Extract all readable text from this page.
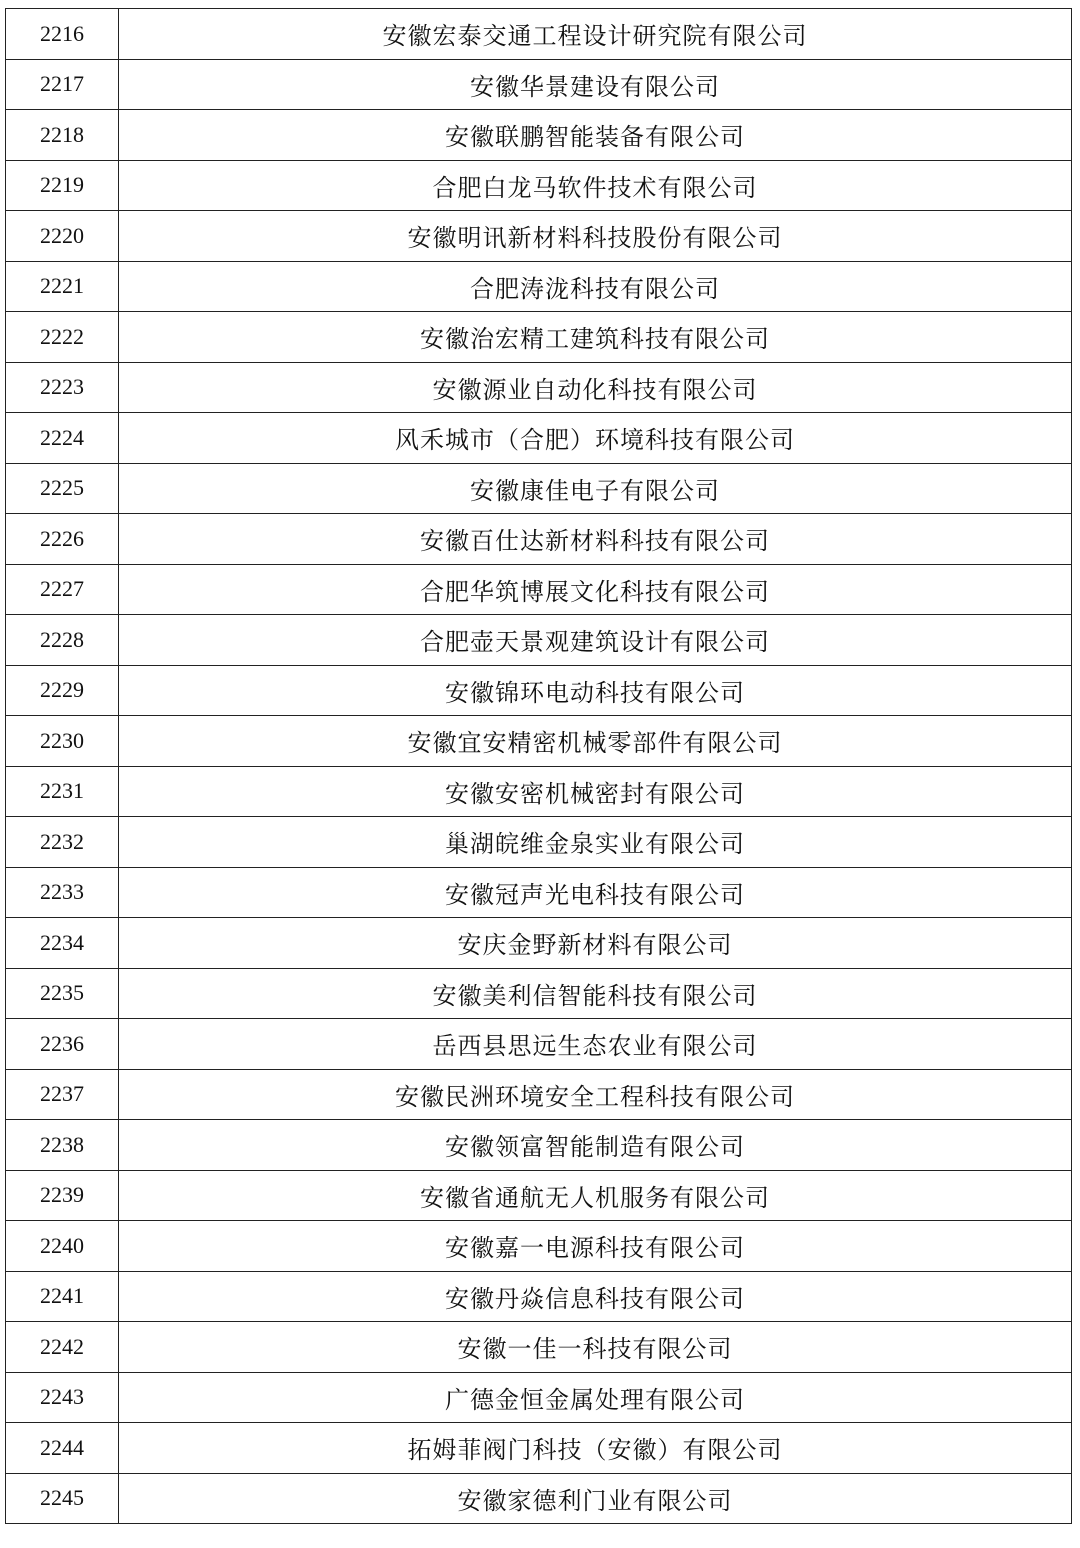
2216	安徽宏泰交通工程设计研究院有限公司
2217	安徽华景建设有限公司
2218	安徽联鹏智能装备有限公司
2219	合肥白龙马软件技术有限公司
2220	安徽明讯新材料科技股份有限公司
2221	合肥涛泷科技有限公司
2222	安徽治宏精工建筑科技有限公司
2223	安徽源业自动化科技有限公司
2224	风禾城市（合肥）环境科技有限公司
2225	安徽康佳电子有限公司
2226	安徽百仕达新材料科技有限公司
2227	合肥华筑博展文化科技有限公司
2228	合肥壶天景观建筑设计有限公司
2229	安徽锦环电动科技有限公司
2230	安徽宜安精密机械零部件有限公司
2231	安徽安密机械密封有限公司
2232	巢湖皖维金泉实业有限公司
2233	安徽冠声光电科技有限公司
2234	安庆金野新材料有限公司
2235	安徽美利信智能科技有限公司
2236	岳西县思远生态农业有限公司
2237	安徽民洲环境安全工程科技有限公司
2238	安徽领富智能制造有限公司
2239	安徽省通航无人机服务有限公司
2240	安徽嘉一电源科技有限公司
2241	安徽丹焱信息科技有限公司
2242	安徽一佳一科技有限公司
2243	广德金恒金属处理有限公司
2244	拓姆菲阀门科技（安徽）有限公司
2245	安徽家德利门业有限公司
